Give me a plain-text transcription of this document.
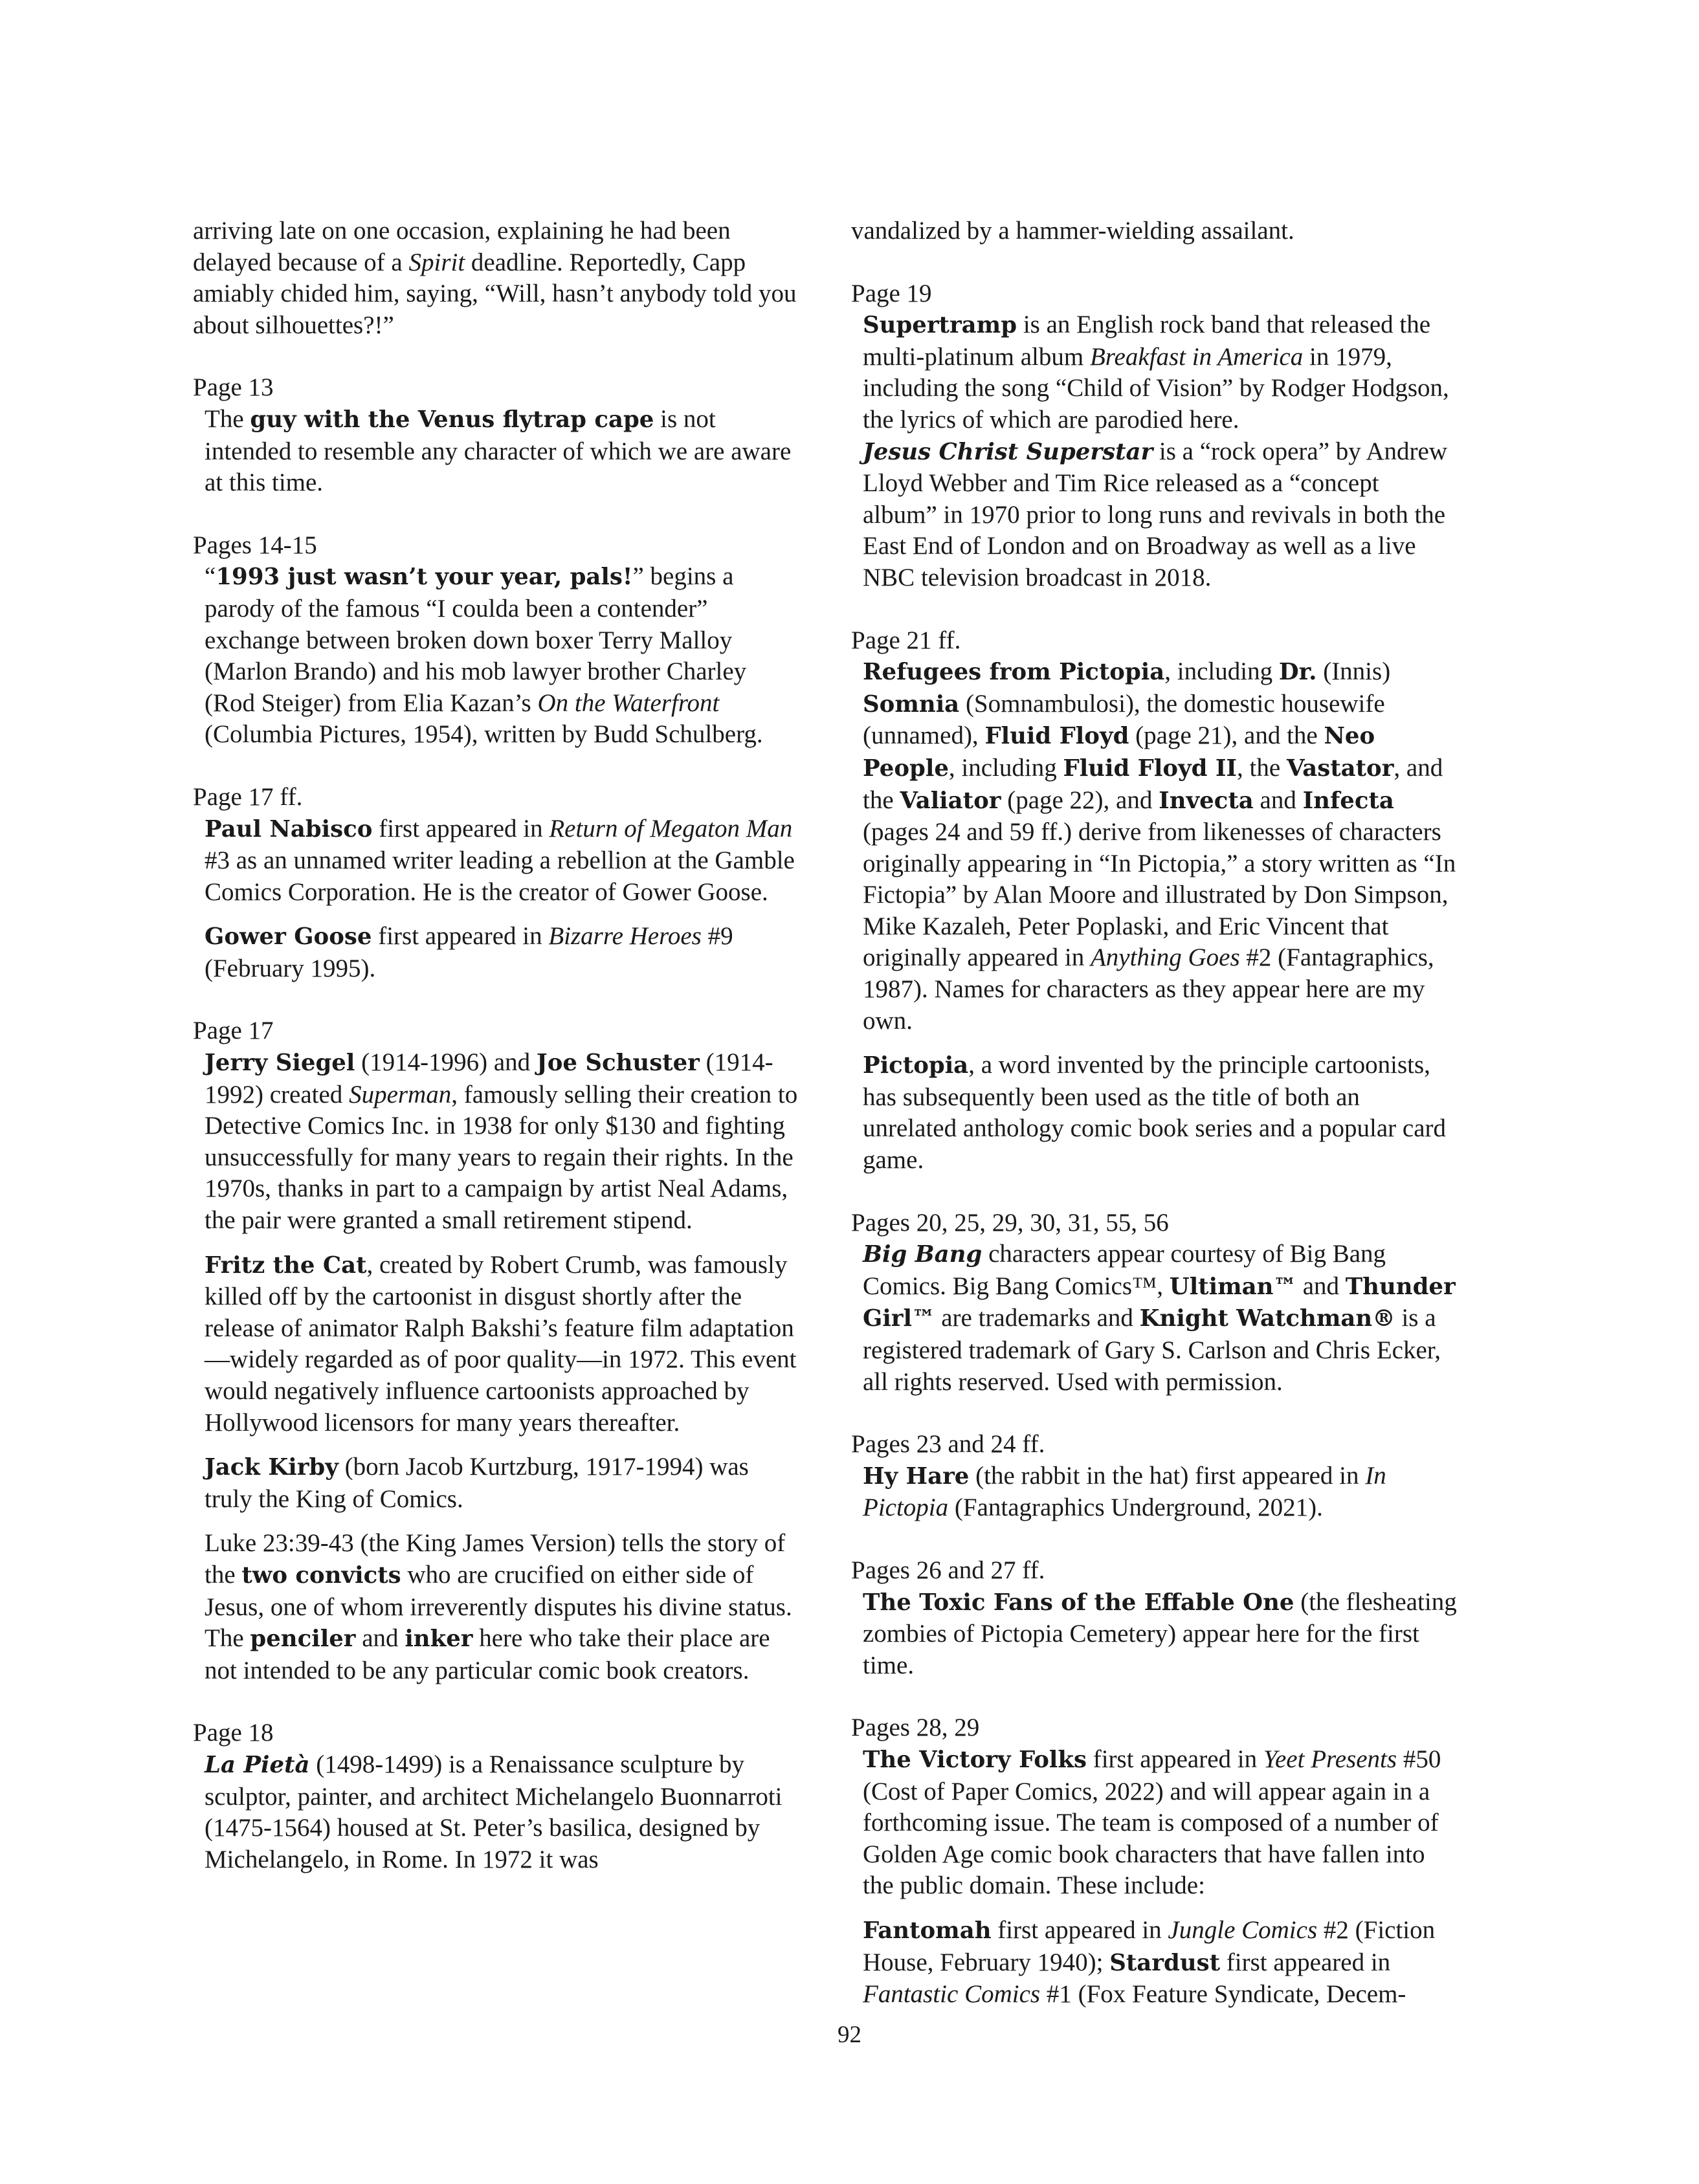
arriving late on one occasion, explaining he had been
delayed because of a Spirit deadline. Reportedly, Capp amiably chided him, saying, “Will, hasn’t anybody told you about silhouettes?!”

Page 13

The guy with the Venus flytrap cape is not intended to resemble any character of which we are aware at this time.

Pages 14-15

“1993 just wasn’t your year, pals!” begins a parody of the famous “I coulda been a contender” exchange between broken down boxer Terry Malloy (Marlon Brando) and his mob lawyer brother Charley (Rod Steiger) from Elia Kazan’s On the Waterfront (Columbia Pictures, 1954), written by Budd Schulberg.

Page 17 ff.

Paul Nabisco first appeared in Return of Megaton Man #3 as an unnamed writer leading a rebellion at the Gamble Comics Corporation. He is the creator of Gower Goose.

Gower Goose first appeared in Bizarre Heroes #9 (February 1995).

Page 17

Jerry Siegel (1914-1996) and Joe Schuster (1914-1992) created Superman, famously selling their creation to Detective Comics Inc. in 1938 for only $130 and fighting unsuccessfully for many years to regain their rights. In the 1970s, thanks in part to a campaign by artist Neal Adams, the pair were granted a small retirement stipend.

Fritz the Cat, created by Robert Crumb, was famously killed off by the cartoonist in disgust shortly after the release of animator Ralph Bakshi’s feature film adaptation—widely regarded as of poor quality—in 1972. This event would negatively influence cartoonists approached by Hollywood licensors for many years thereafter.

Jack Kirby (born Jacob Kurtzburg, 1917-1994) was truly the King of Comics.

Luke 23:39-43 (the King James Version) tells the story of the two convicts who are crucified on either side of Jesus, one of whom irreverently disputes his divine status. The penciler and inker here who take their place are not intended to be any particular comic book creators.

Page 18

La Pietà (1498-1499) is a Renaissance sculpture by sculptor, painter, and architect Michelangelo Buonnarroti (1475-1564) housed at St. Peter’s basilica, designed by Michelangelo, in Rome. In 1972 it was

vandalized by a hammer-wielding assailant.

Page 19

Supertramp is an English rock band that released the multi-platinum album Breakfast in America in 1979, including the song “Child of Vision” by Rodger Hodgson, the lyrics of which are parodied here.

Jesus Christ Superstar is a “rock opera” by Andrew Lloyd Webber and Tim Rice released as a “concept album” in 1970 prior to long runs and revivals in both the East End of London and on Broadway as well as a live NBC television broadcast in 2018.

Page 21 ff.

Refugees from Pictopia, including Dr. (Innis) Somnia (Somnambulosi), the domestic housewife (unnamed), Fluid Floyd (page 21), and the Neo People, including Fluid Floyd II, the Vastator, and the Valiator (page 22), and Invecta and Infecta (pages 24 and 59 ff.) derive from likenesses of characters originally appearing in “In Pictopia,” a story written as “In Fictopia” by Alan Moore and illustrated by Don Simpson, Mike Kazaleh, Peter Poplaski, and Eric Vincent that originally appeared in Anything Goes #2 (Fantagraphics, 1987). Names for characters as they appear here are my own.

Pictopia, a word invented by the principle cartoonists, has subsequently been used as the title of both an unrelated anthology comic book series and a popular card game.

Pages 20, 25, 29, 30, 31, 55, 56

Big Bang characters appear courtesy of Big Bang Comics. Big Bang Comics™, Ultiman™ and Thunder Girl™ are trademarks and Knight Watchman® is a registered trademark of Gary S. Carlson and Chris Ecker, all rights reserved. Used with permission.

Pages 23 and 24 ff.

Hy Hare (the rabbit in the hat) first appeared in In Pictopia (Fantagraphics Underground, 2021).

Pages 26 and 27 ff.

The Toxic Fans of the Effable One (the flesheating zombies of Pictopia Cemetery) appear here for the first time.

Pages 28, 29

The Victory Folks first appeared in Yeet Presents #50 (Cost of Paper Comics, 2022) and will appear again in a forthcoming issue. The team is composed of a number of Golden Age comic book characters that have fallen into the public domain. These include:

Fantomah first appeared in Jungle Comics #2 (Fiction House, February 1940); Stardust first appeared in Fantastic Comics #1 (Fox Feature Syndicate, Decem-

92
